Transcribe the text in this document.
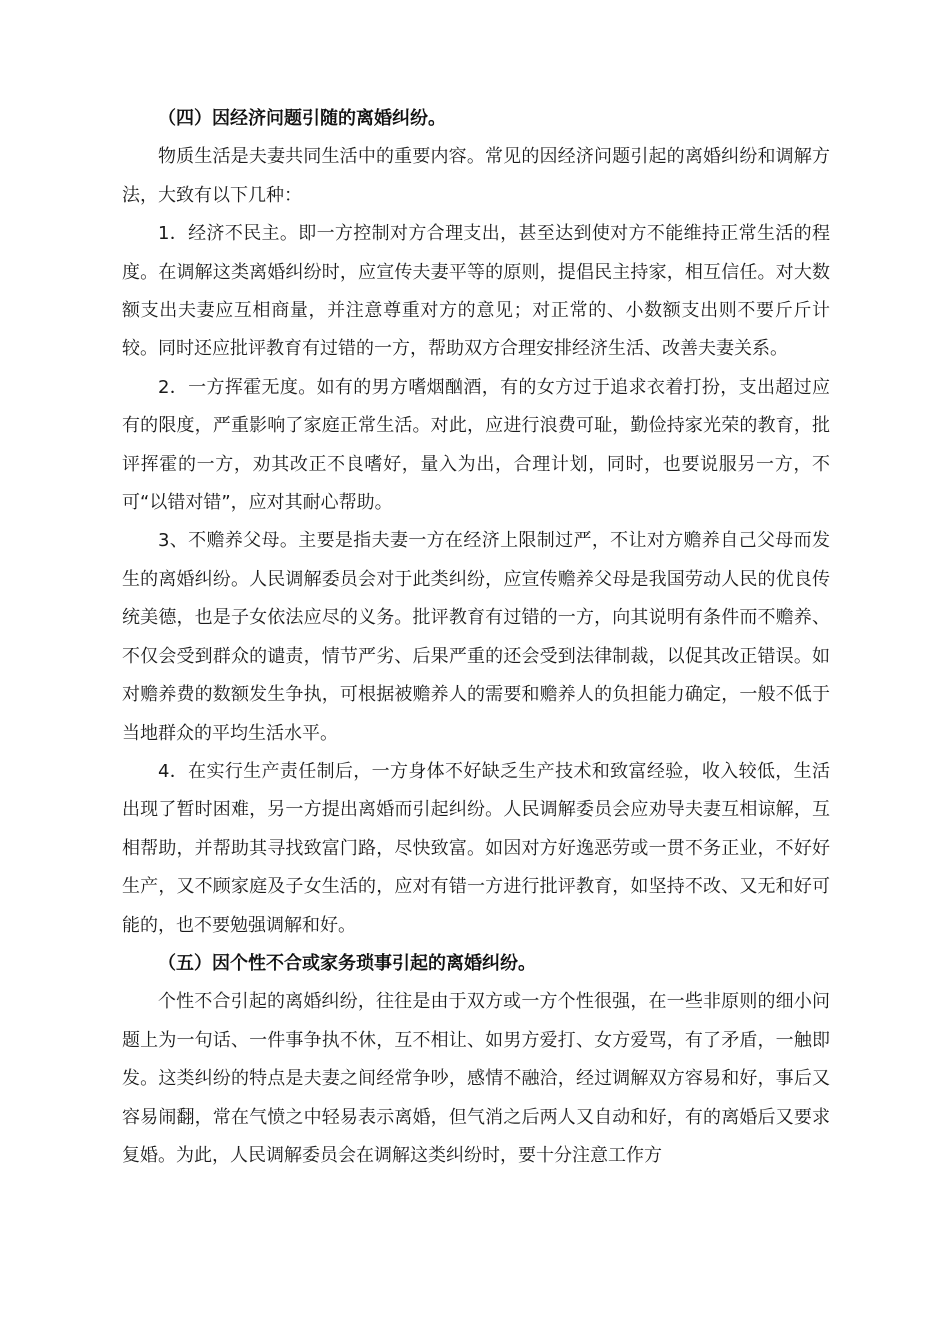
（四）因经济问题引随的离婚纠纷。

物质生活是夫妻共同生活中的重要内容。常见的因经济问题引起的离婚纠纷和调解方法，大致有以下几种：

1．经济不民主。即一方控制对方合理支出，甚至达到使对方不能维持正常生活的程度。在调解这类离婚纠纷时，应宣传夫妻平等的原则，提倡民主持家，相互信任。对大数额支出夫妻应互相商量，并注意尊重对方的意见；对正常的、小数额支出则不要斤斤计较。同时还应批评教育有过错的一方，帮助双方合理安排经济生活、改善夫妻关系。

2．一方挥霍无度。如有的男方嗜烟酗酒，有的女方过于追求衣着打扮，支出超过应有的限度，严重影响了家庭正常生活。对此，应进行浪费可耻，勤俭持家光荣的教育，批评挥霍的一方，劝其改正不良嗜好，量入为出，合理计划，同时，也要说服另一方，不可“以错对错”，应对其耐心帮助。

3、不赡养父母。主要是指夫妻一方在经济上限制过严，不让对方赡养自己父母而发生的离婚纠纷。人民调解委员会对于此类纠纷，应宣传赡养父母是我国劳动人民的优良传统美德，也是子女依法应尽的义务。批评教育有过错的一方，向其说明有条件而不赡养、不仅会受到群众的谴责，情节严劣、后果严重的还会受到法律制裁，以促其改正错误。如对赡养费的数额发生争执，可根据被赡养人的需要和赡养人的负担能力确定，一般不低于当地群众的平均生活水平。

4．在实行生产责任制后，一方身体不好缺乏生产技术和致富经验，收入较低，生活出现了暂时困难，另一方提出离婚而引起纠纷。人民调解委员会应劝导夫妻互相谅解，互相帮助，并帮助其寻找致富门路，尽快致富。如因对方好逸恶劳或一贯不务正业，不好好生产，又不顾家庭及子女生活的，应对有错一方进行批评教育，如坚持不改、又无和好可能的，也不要勉强调解和好。

（五）因个性不合或家务琐事引起的离婚纠纷。

个性不合引起的离婚纠纷，往往是由于双方或一方个性很强，在一些非原则的细小问题上为一句话、一件事争执不休，互不相让、如男方爱打、女方爱骂，有了矛盾，一触即发。这类纠纷的特点是夫妻之间经常争吵，感情不融洽，经过调解双方容易和好，事后又容易闹翻，常在气愤之中轻易表示离婚，但气消之后两人又自动和好，有的离婚后又要求复婚。为此，人民调解委员会在调解这类纠纷时，要十分注意工作方
